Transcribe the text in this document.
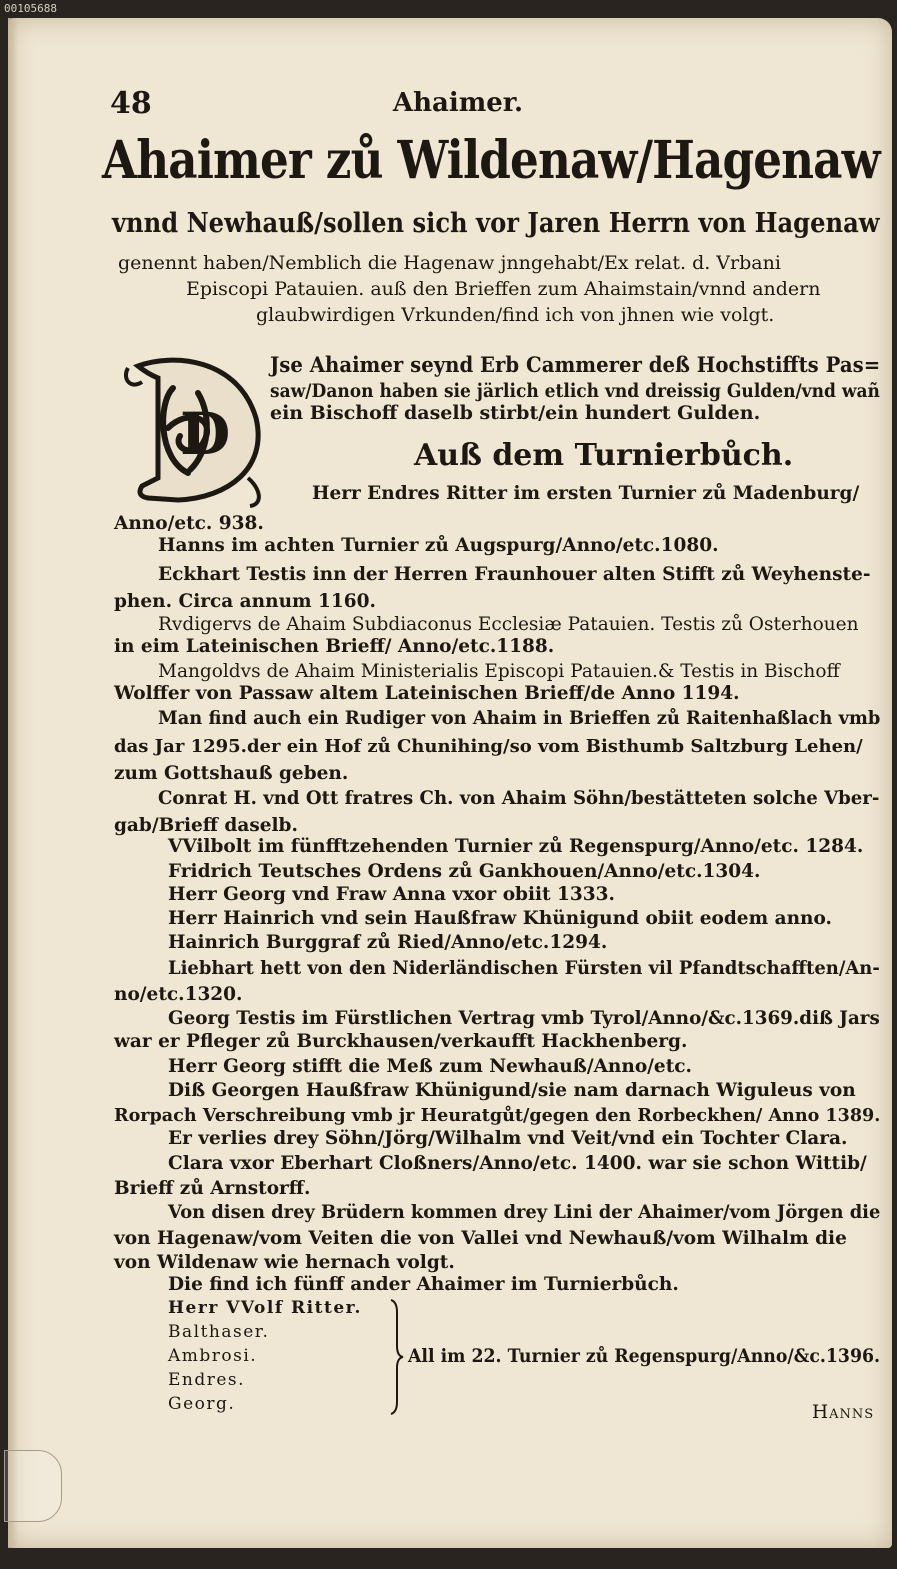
00105688
48	Ahaimer.
Ahaimer zů Wildenaw/Hagenaw
vnnd Newhauß/sollen sich vor Jaren Herrn von Hagenaw
genennt haben/Nemblich die Hagenaw jnngehabt/Ex relat. d. Vrbani
Episcopi Patauien. auß den Brieffen zum Ahaimstain/vnnd andern
glaubwirdigen Vrkunden/find ich von jhnen wie volgt.
D
Jse Ahaimer seynd Erb Cammerer deß Hochstiffts Pas=
saw/Danon haben sie järlich etlich vnd dreissig Gulden/vnd wañ
ein Bischoff daselb stirbt/ein hundert Gulden.
Auß dem Turnierbůch.
Herr Endres Ritter im ersten Turnier zů Madenburg/
Anno/etc. 938.
Hanns im achten Turnier zů Augspurg/Anno/etc.1080.
Eckhart Testis inn der Herren Fraunhouer alten Stifft zů Weyhenste-
phen. Circa annum 1160.
Rvdigervs de Ahaim Subdiaconus Ecclesiæ Patauien. Testis zů Osterhouen
in eim Lateinischen Brieff/ Anno/etc.1188.
Mangoldvs de Ahaim Ministerialis Episcopi Patauien.& Testis in Bischoff
Wolffer von Passaw altem Lateinischen Brieff/de Anno 1194.
Man find auch ein Rudiger von Ahaim in Brieffen zů Raitenhaßlach vmb
das Jar 1295.der ein Hof zů Chunihing/so vom Bisthumb Saltzburg Lehen/
zum Gottshauß geben.
Conrat H. vnd Ott fratres Ch. von Ahaim Söhn/bestätteten solche Vber-
gab/Brieff daselb.
VVilbolt im fünfftzehenden Turnier zů Regenspurg/Anno/etc. 1284.
Fridrich Teutsches Ordens zů Gankhouen/Anno/etc.1304.
Herr Georg vnd Fraw Anna vxor obiit 1333.
Herr Hainrich vnd sein Haußfraw Khünigund obiit eodem anno.
Hainrich Burggraf zů Ried/Anno/etc.1294.
Liebhart hett von den Niderländischen Fürsten vil Pfandtschafften/An-
no/etc.1320.
Georg Testis im Fürstlichen Vertrag vmb Tyrol/Anno/&c.1369.diß Jars
war er Pfleger zů Burckhausen/verkaufft Hackhenberg.
Herr Georg stifft die Meß zum Newhauß/Anno/etc.
Diß Georgen Haußfraw Khünigund/sie nam darnach Wiguleus von
Rorpach Verschreibung vmb jr Heuratgůt/gegen den Rorbeckhen/ Anno 1389.
Er verlies drey Söhn/Jörg/Wilhalm vnd Veit/vnd ein Tochter Clara.
Clara vxor Eberhart Cloßners/Anno/etc. 1400. war sie schon Wittib/
Brieff zů Arnstorff.
Von disen drey Brüdern kommen drey Lini der Ahaimer/vom Jörgen die
von Hagenaw/vom Veiten die von Vallei vnd Newhauß/vom Wilhalm die
von Wildenaw wie hernach volgt.
Die find ich fünff ander Ahaimer im Turnierbůch.
Herr VVolf Ritter.
Balthaser.
Ambrosi.
Endres.
Georg.
All im 22. Turnier zů Regenspurg/Anno/&c.1396.
Hanns
